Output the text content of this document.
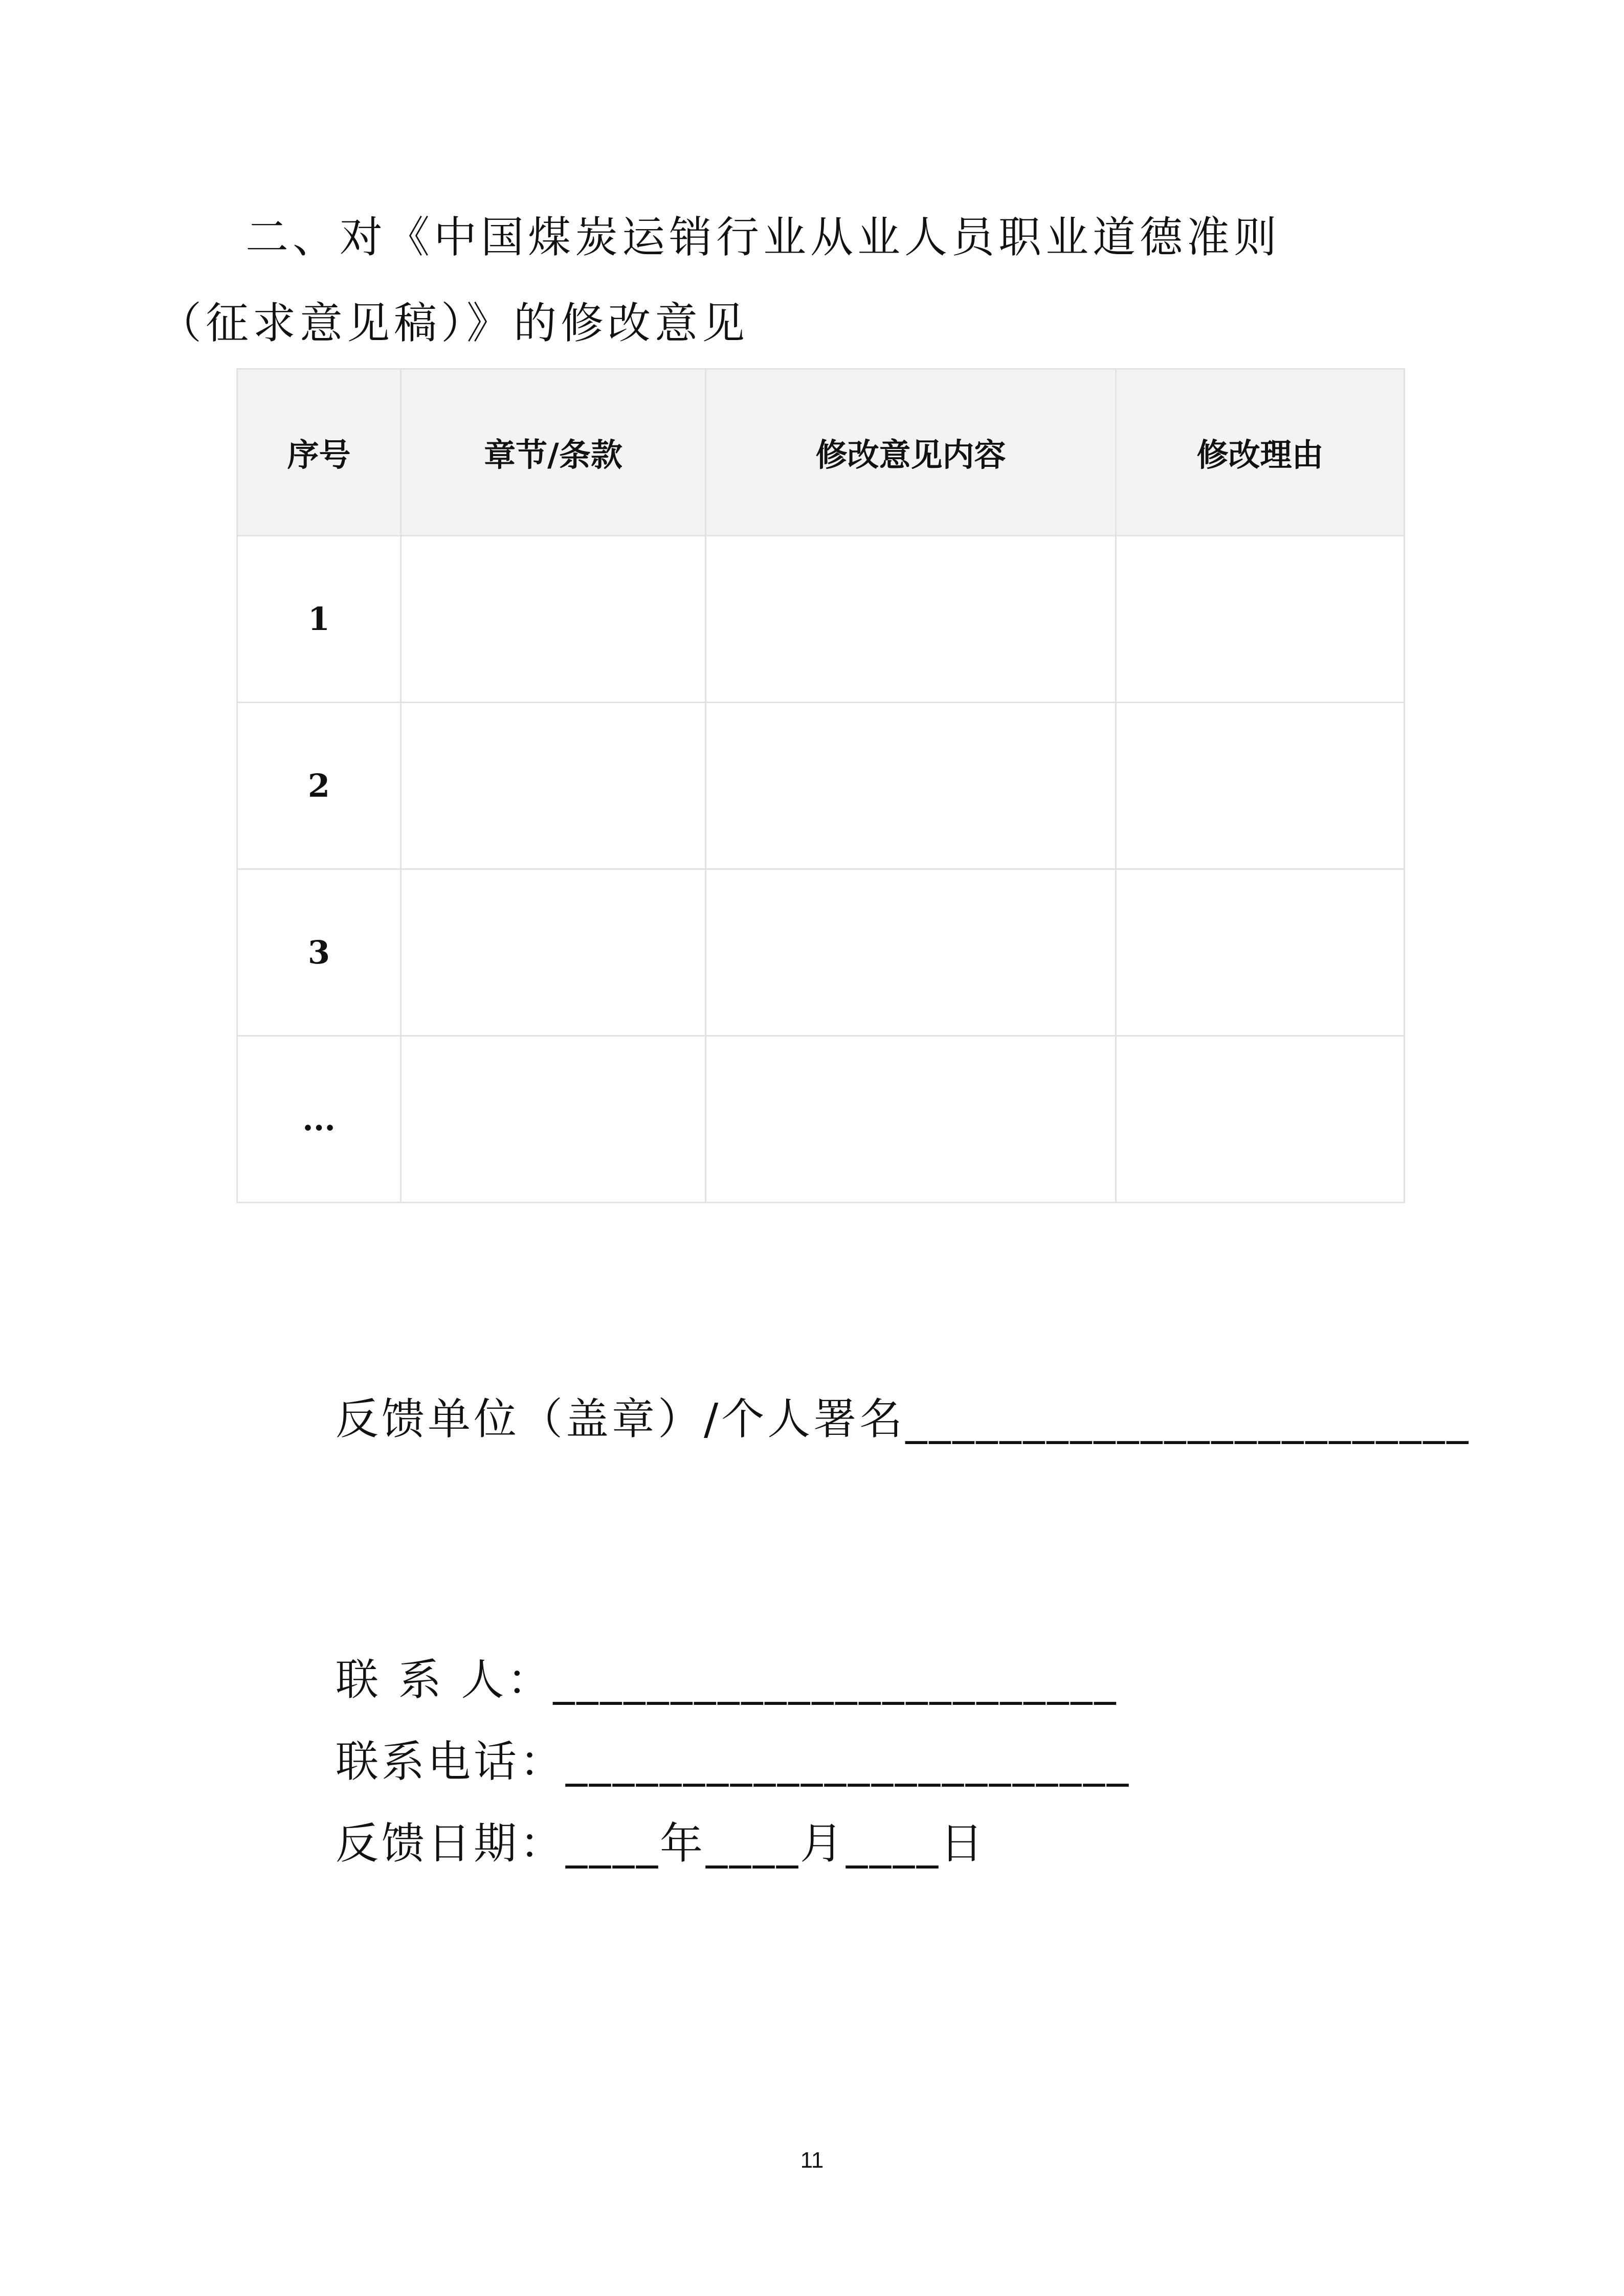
二、对《中国煤炭运销行业从业人员职业道德准则（征求意见稿）》的修改意见
序号	章节/条款	修改意见内容	修改理由
1			
2			
3			
...			
反馈单位（盖章）/个人署名________________________
联 系 人：________________________
联系电话：________________________
反馈日期：____年____月____日
11
